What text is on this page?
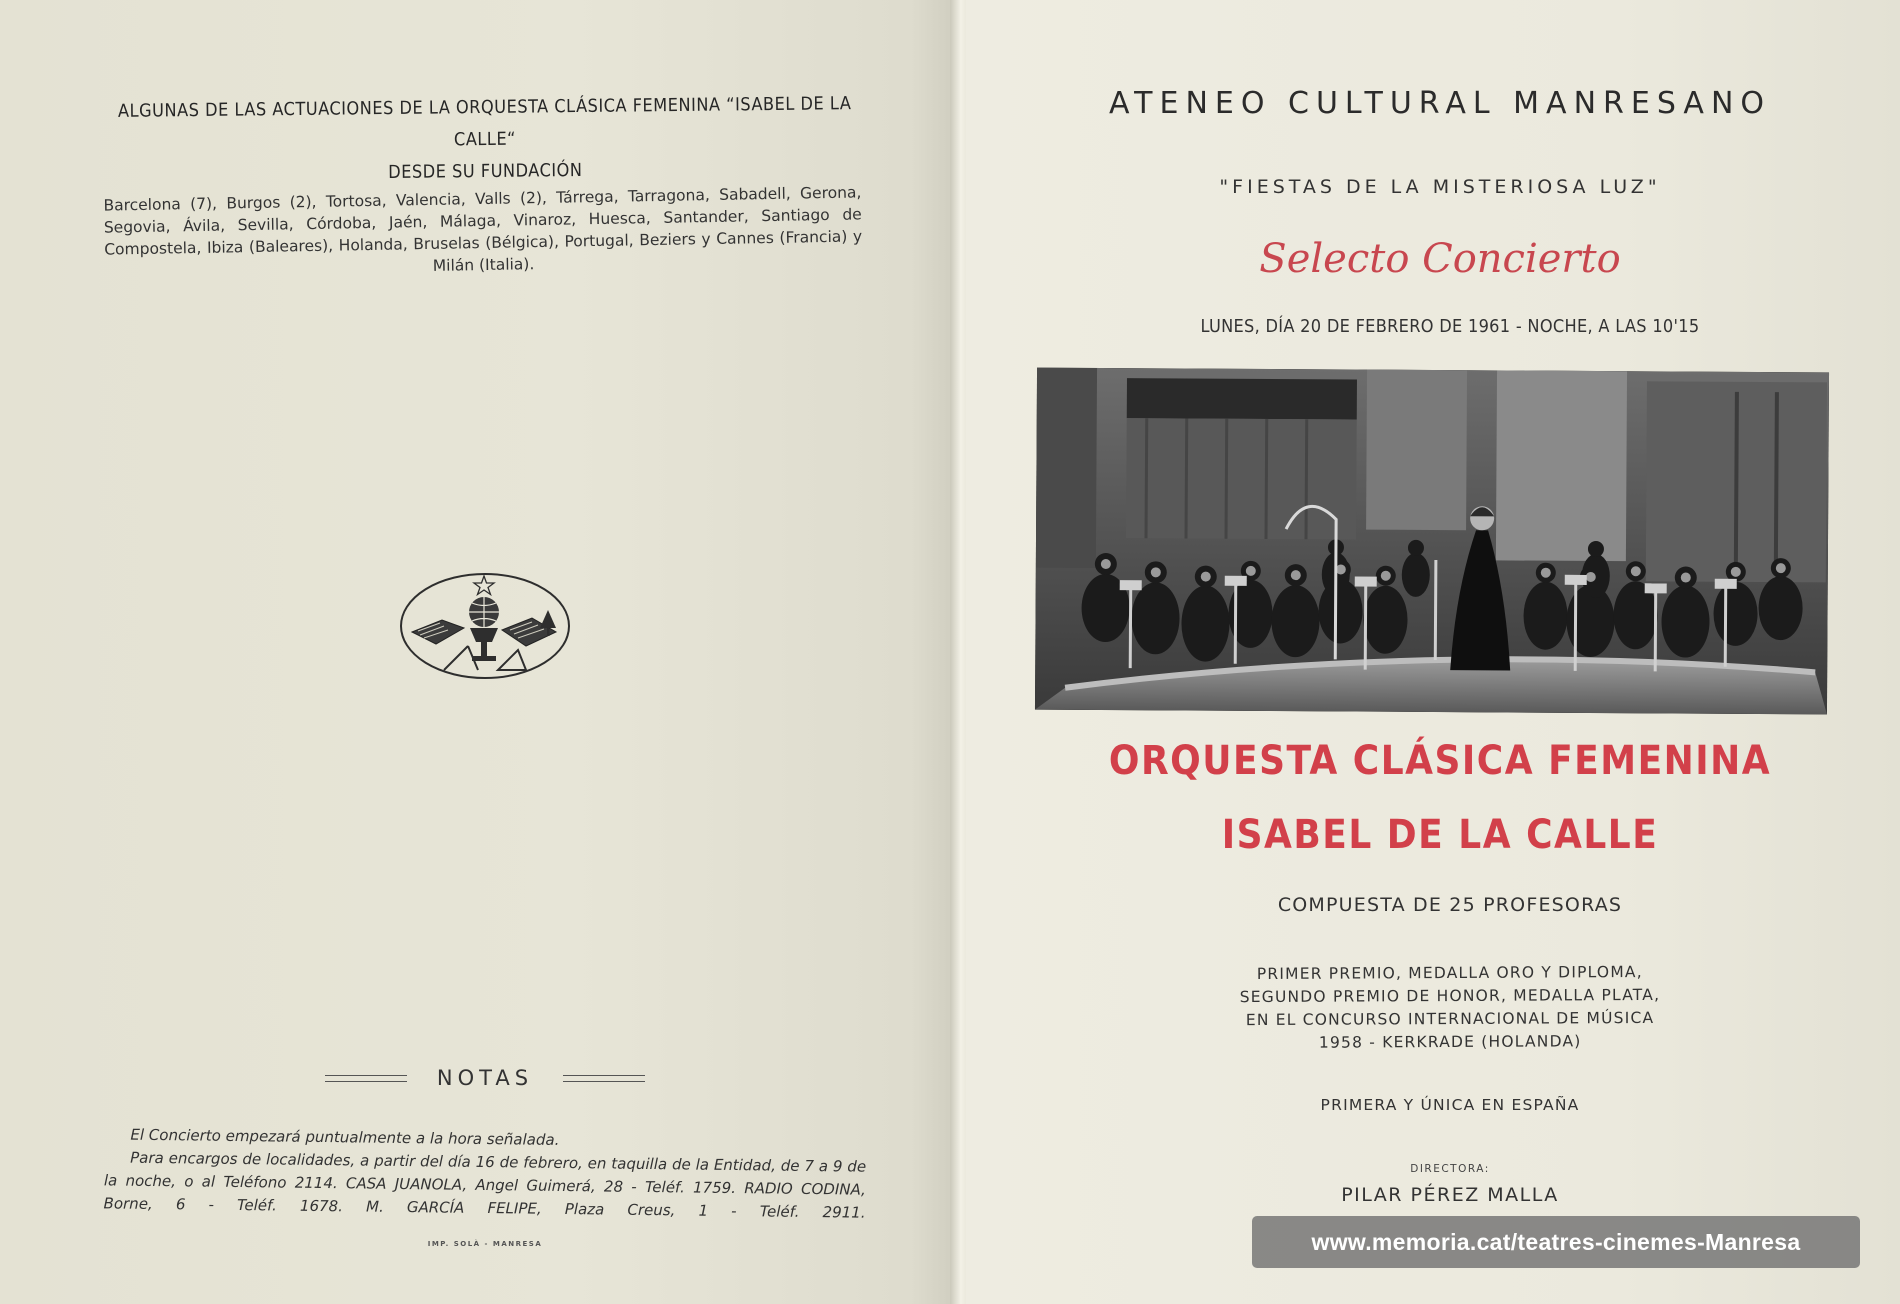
ALGUNAS DE LAS ACTUACIONES DE LA ORQUESTA CLÁSICA FEMENINA “ISABEL DE LA CALLE“
DESDE SU FUNDACIÓN
Barcelona (7), Burgos (2), Tortosa, Valencia, Valls (2), Tárrega, Tarragona, Sabadell, Gerona, Segovia, Ávila, Sevilla, Córdoba, Jaén, Málaga, Vinaroz, Huesca, Santander, Santiago de Compostela, Ibiza (Baleares), Holanda, Bruselas (Bélgica), Portugal, Beziers y Cannes (Francia) y Milán (Italia).
NOTAS

El Concierto empezará puntualmente a la hora señalada.

Para encargos de localidades, a partir del día 16 de febrero, en taquilla de la Entidad, de 7 a 9 de la noche, o al Teléfono 2114. CASA JUANOLA, Angel Guimerá, 28 - Teléf. 1759. RADIO CODINA, Borne, 6 - Teléf. 1678. M. GARCÍA FELIPE, Plaza Creus, 1 - Teléf. 2911.

IMP. SOLÀ - MANRESA
ATENEO CULTURAL MANRESANO
"FIESTAS DE LA MISTERIOSA LUZ"
Selecto Concierto
LUNES, DÍA 20 DE FEBRERO DE 1961 - NOCHE, A LAS 10'15
ORQUESTA CLÁSICA FEMENINA
ISABEL DE LA CALLE
COMPUESTA DE 25 PROFESORAS
PRIMER PREMIO, MEDALLA ORO Y DIPLOMA,
SEGUNDO PREMIO DE HONOR, MEDALLA PLATA,
EN EL CONCURSO INTERNACIONAL DE MÚSICA
1958 - KERKRADE (HOLANDA)
PRIMERA Y ÚNICA EN ESPAÑA
DIRECTORA:
PILAR PÉREZ MALLA
www.memoria.cat/teatres-cinemes-Manresa
